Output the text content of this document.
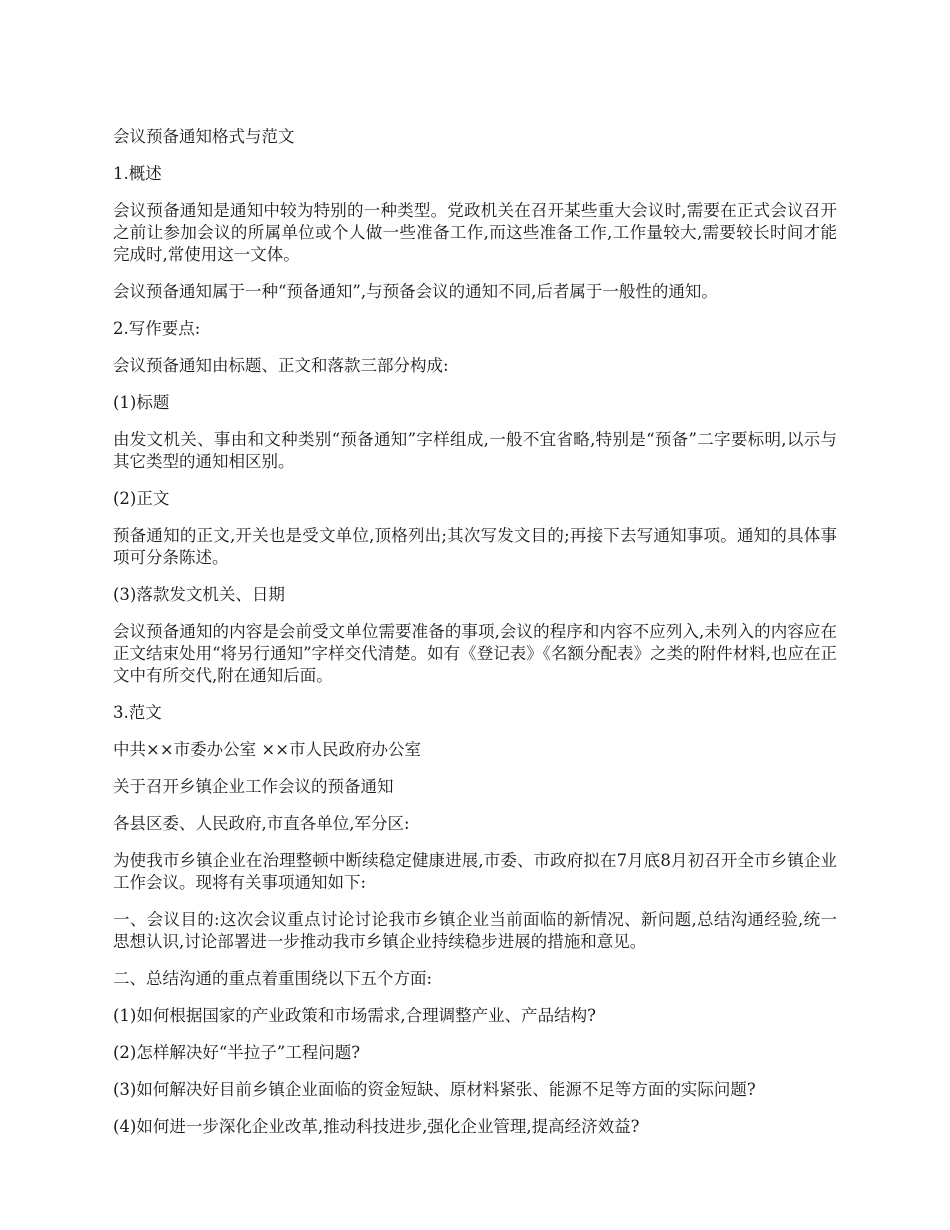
会议预备通知格式与范文

1.概述

会议预备通知是通知中较为特别的一种类型。党政机关在召开某些重大会议时,需要在正式会议召开之前让参加会议的所属单位或个人做一些准备工作,而这些准备工作,工作量较大,需要较长时间才能完成时,常使用这一文体。

会议预备通知属于一种“预备通知”,与预备会议的通知不同,后者属于一般性的通知。

2.写作要点:

会议预备通知由标题、正文和落款三部分构成:

(1)标题

由发文机关、事由和文种类别“预备通知”字样组成,一般不宜省略,特别是“预备”二字要标明,以示与其它类型的通知相区别。

(2)正文

预备通知的正文,开关也是受文单位,顶格列出;其次写发文目的;再接下去写通知事项。通知的具体事项可分条陈述。

(3)落款发文机关、日期

会议预备通知的内容是会前受文单位需要准备的事项,会议的程序和内容不应列入,未列入的内容应在正文结束处用“将另行通知”字样交代清楚。如有《登记表》《名额分配表》之类的附件材料,也应在正文中有所交代,附在通知后面。

3.范文

中共××市委办公室 ××市人民政府办公室

关于召开乡镇企业工作会议的预备通知

各县区委、人民政府,市直各单位,军分区:

为使我市乡镇企业在治理整顿中断续稳定健康进展,市委、市政府拟在7月底8月初召开全市乡镇企业工作会议。现将有关事项通知如下:

一、会议目的:这次会议重点讨论讨论我市乡镇企业当前面临的新情况、新问题,总结沟通经验,统一思想认识,讨论部署进一步推动我市乡镇企业持续稳步进展的措施和意见。

二、总结沟通的重点着重围绕以下五个方面:

(1)如何根据国家的产业政策和市场需求,合理调整产业、产品结构?

(2)怎样解决好“半拉子”工程问题?

(3)如何解决好目前乡镇企业面临的资金短缺、原材料紧张、能源不足等方面的实际问题?

(4)如何进一步深化企业改革,推动科技进步,强化企业管理,提高经济效益?
